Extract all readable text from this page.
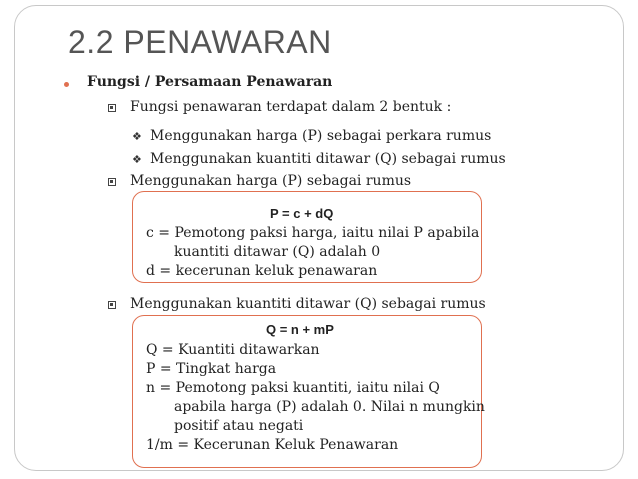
2.2 PENAWARAN
Fungsi / Persamaan Penawaran
Fungsi penawaran terdapat dalam 2 bentuk :
❖ Menggunakan harga (P) sebagai perkara rumus
❖ Menggunakan kuantiti ditawar (Q) sebagai rumus
Menggunakan harga (P) sebagai rumus
P = c + dQ
c = Pemotong paksi harga, iaitu nilai P apabila
kuantiti ditawar (Q) adalah 0
d = kecerunan keluk penawaran
Menggunakan kuantiti ditawar (Q) sebagai rumus
Q = n + mP
Q = Kuantiti ditawarkan
P = Tingkat harga
n = Pemotong paksi kuantiti, iaitu nilai Q
apabila harga (P) adalah 0. Nilai n mungkin
positif atau negati
1/m = Kecerunan Keluk Penawaran
